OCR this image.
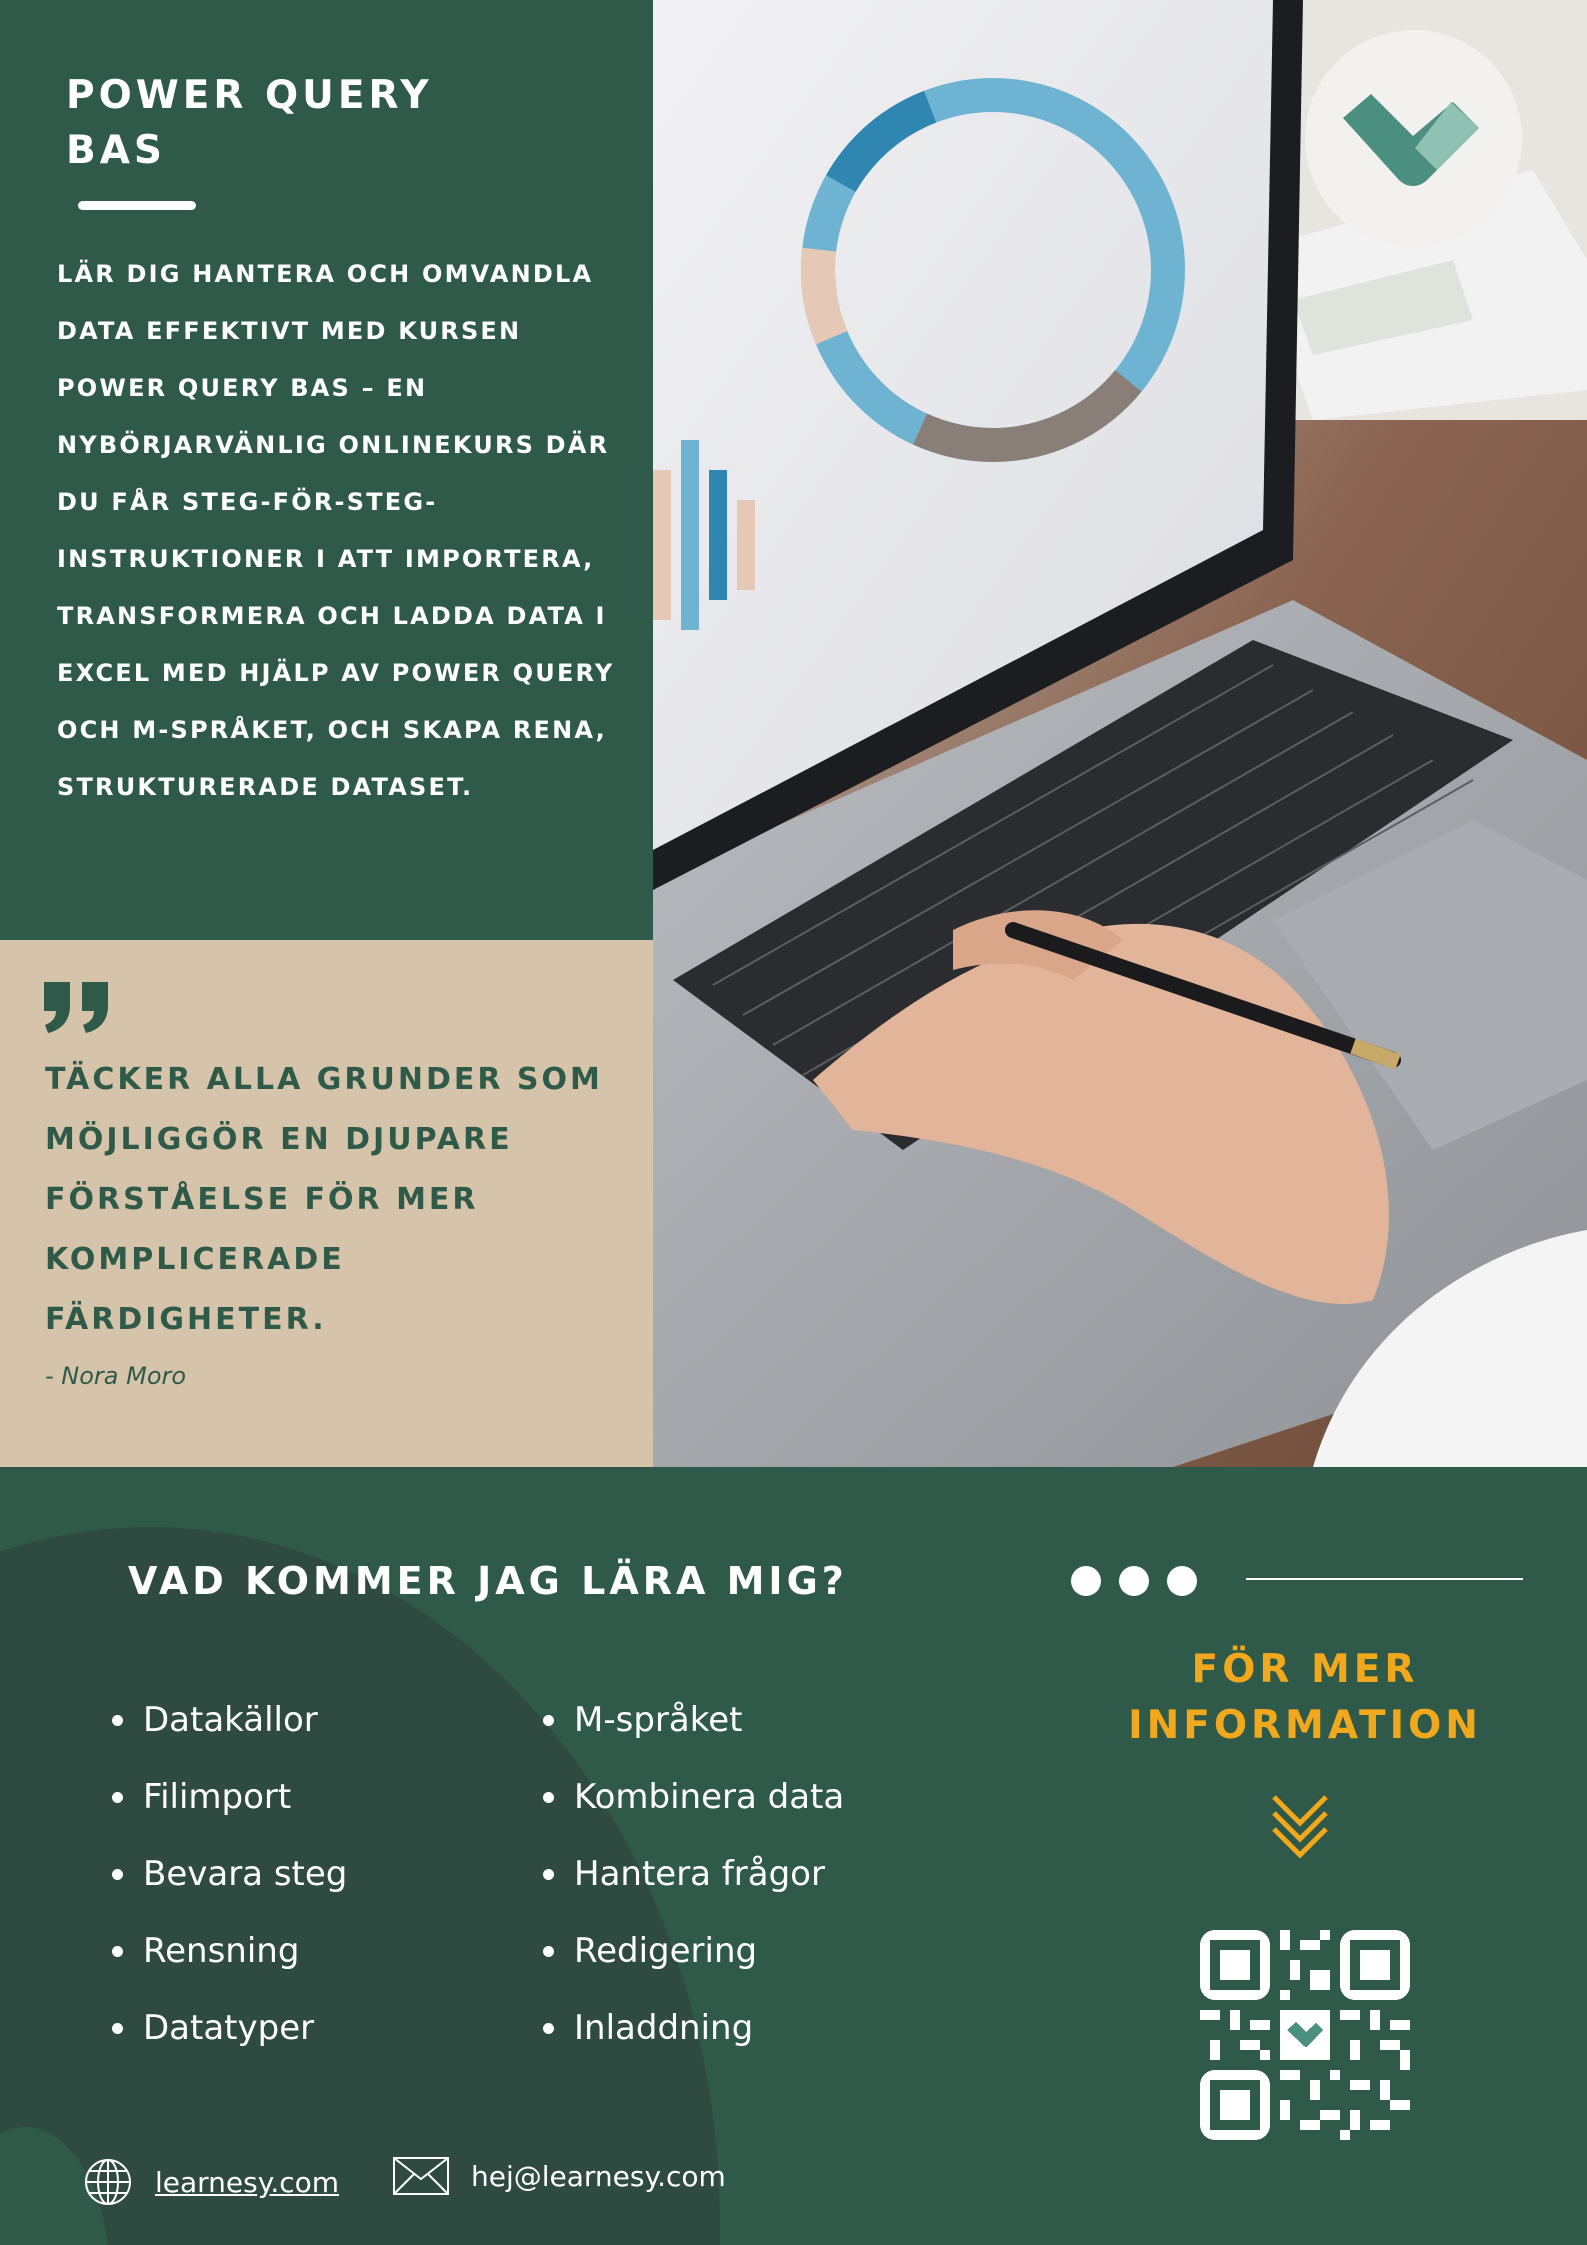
POWER QUERY
BAS

LÄR DIG HANTERA OCH OMVANDLA DATA EFFEKTIVT MED KURSEN POWER QUERY BAS – EN NYBÖRJARVÄNLIG ONLINEKURS DÄR DU FÅR STEG-FÖR-STEG-INSTRUKTIONER I ATT IMPORTERA, TRANSFORMERA OCH LADDA DATA I EXCEL MED HJÄLP AV POWER QUERY OCH M-SPRÅKET, OCH SKAPA RENA, STRUKTURERADE DATASET.

TÄCKER ALLA GRUNDER SOM MÖJLIGGÖR EN DJUPARE FÖRSTÅELSE FÖR MER KOMPLICERADE FÄRDIGHETER.

- Nora Moro

VAD KOMMER JAG LÄRA MIG?
Datakällor
Filimport
Bevara steg
Rensning
Datatyper
M-språket
Kombinera data
Hantera frågor
Redigering
Inladdning
FÖR MER
INFORMATION
learnesy.com	hej@learnesy.com
